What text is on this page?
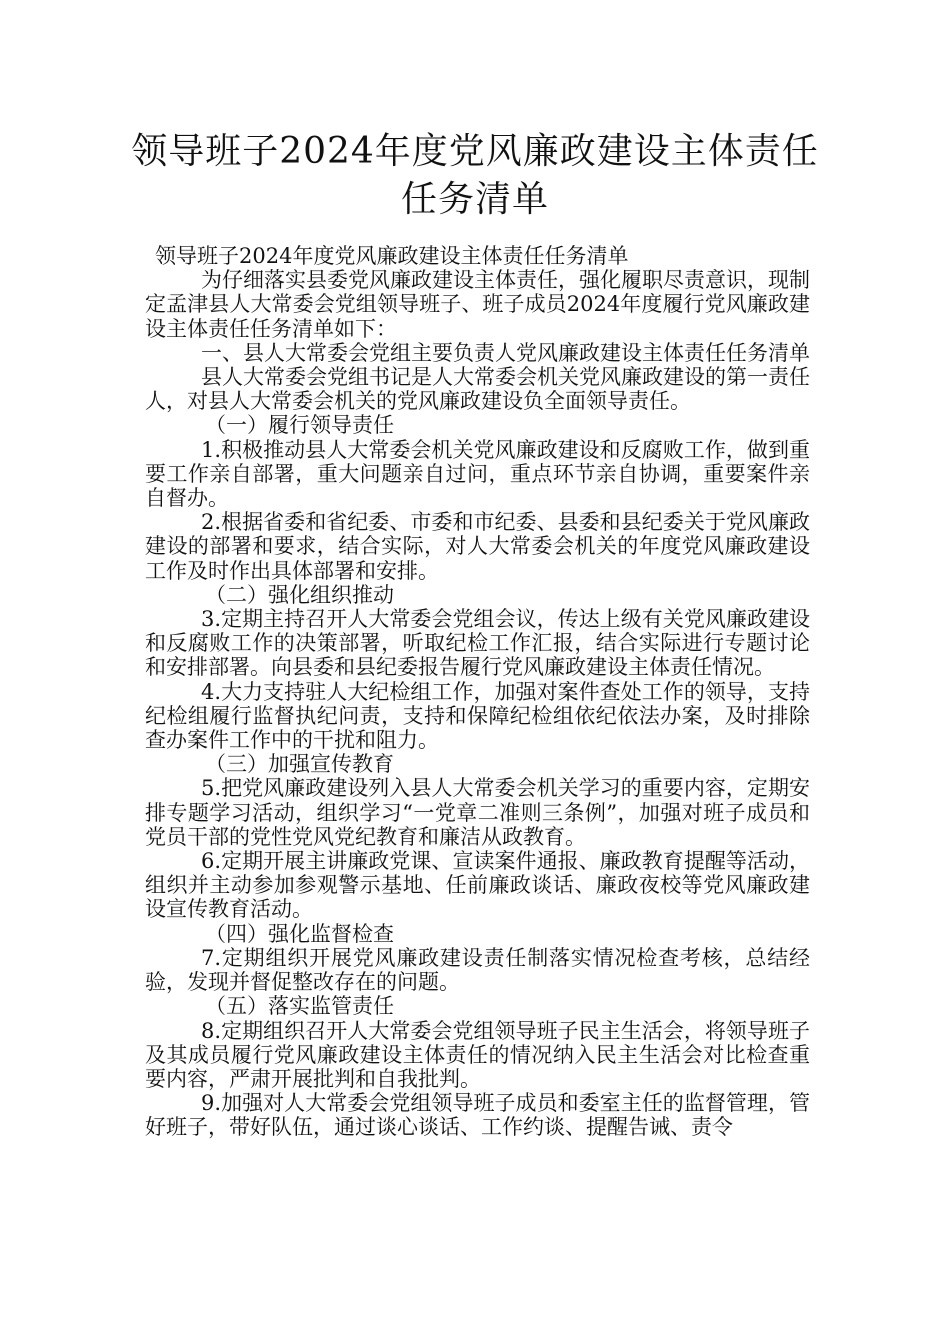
领导班子2024年度党风廉政建设主体责任
任务清单

领导班子2024年度党风廉政建设主体责任任务清单

为仔细落实县委党风廉政建设主体责任，强化履职尽责意识，现制定孟津县人大常委会党组领导班子、班子成员2024年度履行党风廉政建设主体责任任务清单如下：

一、县人大常委会党组主要负责人党风廉政建设主体责任任务清单

县人大常委会党组书记是人大常委会机关党风廉政建设的第一责任人，对县人大常委会机关的党风廉政建设负全面领导责任。

（一）履行领导责任

1.积极推动县人大常委会机关党风廉政建设和反腐败工作，做到重要工作亲自部署，重大问题亲自过问，重点环节亲自协调，重要案件亲自督办。

2.根据省委和省纪委、市委和市纪委、县委和县纪委关于党风廉政建设的部署和要求，结合实际，对人大常委会机关的年度党风廉政建设工作及时作出具体部署和安排。

（二）强化组织推动

3.定期主持召开人大常委会党组会议，传达上级有关党风廉政建设和反腐败工作的决策部署，听取纪检工作汇报，结合实际进行专题讨论和安排部署。向县委和县纪委报告履行党风廉政建设主体责任情况。

4.大力支持驻人大纪检组工作，加强对案件查处工作的领导，支持纪检组履行监督执纪问责，支持和保障纪检组依纪依法办案，及时排除查办案件工作中的干扰和阻力。

（三）加强宣传教育

5.把党风廉政建设列入县人大常委会机关学习的重要内容，定期安排专题学习活动，组织学习“一党章二准则三条例”，加强对班子成员和党员干部的党性党风党纪教育和廉洁从政教育。

6.定期开展主讲廉政党课、宣读案件通报、廉政教育提醒等活动，组织并主动参加参观警示基地、任前廉政谈话、廉政夜校等党风廉政建设宣传教育活动。

（四）强化监督检查

7.定期组织开展党风廉政建设责任制落实情况检查考核，总结经验，发现并督促整改存在的问题。

（五）落实监管责任

8.定期组织召开人大常委会党组领导班子民主生活会，将领导班子及其成员履行党风廉政建设主体责任的情况纳入民主生活会对比检查重要内容，严肃开展批判和自我批判。

9.加强对人大常委会党组领导班子成员和委室主任的监督管理，管好班子，带好队伍，通过谈心谈话、工作约谈、提醒告诫、责令
